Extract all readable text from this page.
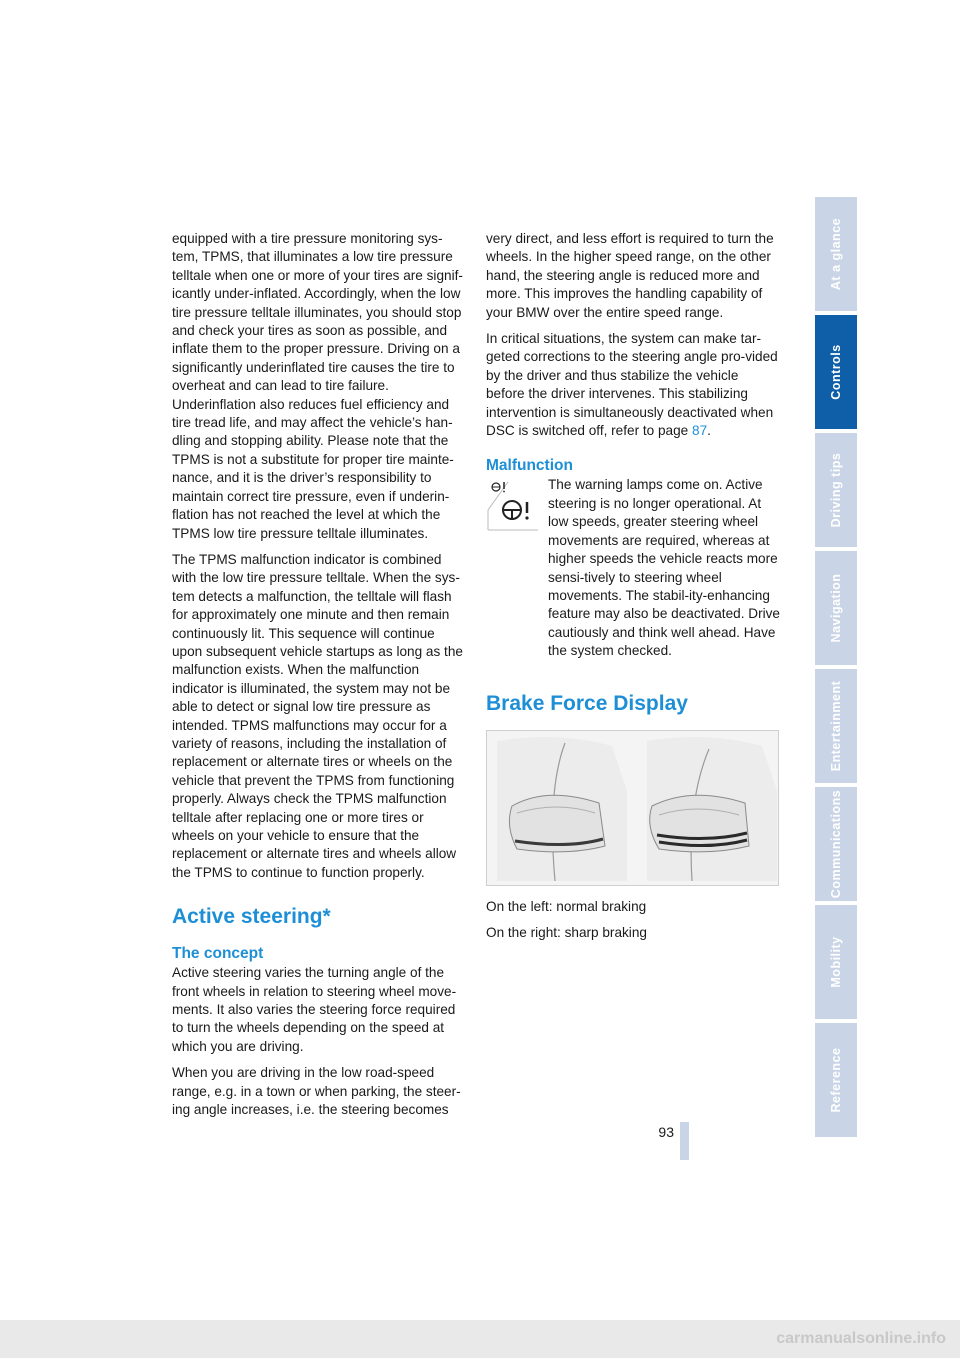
equipped with a tire pressure monitoring sys-tem, TPMS, that illuminates a low tire pressure telltale when one or more of your tires are signif-icantly under-inflated. Accordingly, when the low tire pressure telltale illuminates, you should stop and check your tires as soon as possible, and inflate them to the proper pressure. Driving on a significantly underinflated tire causes the tire to overheat and can lead to tire failure. Underinflation also reduces fuel efficiency and tire tread life, and may affect the vehicle’s han-dling and stopping ability. Please note that the TPMS is not a substitute for proper tire mainte-nance, and it is the driver’s responsibility to maintain correct tire pressure, even if underin-flation has not reached the level at which the TPMS low tire pressure telltale illuminates.

The TPMS malfunction indicator is combined with the low tire pressure telltale. When the sys-tem detects a malfunction, the telltale will flash for approximately one minute and then remain continuously lit. This sequence will continue upon subsequent vehicle startups as long as the malfunction exists. When the malfunction indicator is illuminated, the system may not be able to detect or signal low tire pressure as intended. TPMS malfunctions may occur for a variety of reasons, including the installation of replacement or alternate tires or wheels on the vehicle that prevent the TPMS from functioning properly. Always check the TPMS malfunction telltale after replacing one or more tires or wheels on your vehicle to ensure that the replacement or alternate tires and wheels allow the TPMS to continue to function properly.

Active steering*
The concept

Active steering varies the turning angle of the front wheels in relation to steering wheel move-ments. It also varies the steering force required to turn the wheels depending on the speed at which you are driving.

When you are driving in the low road-speed range, e.g. in a town or when parking, the steer-ing angle increases, i.e. the steering becomes

very direct, and less effort is required to turn the wheels. In the higher speed range, on the other hand, the steering angle is reduced more and more. This improves the handling capability of your BMW over the entire speed range.

In critical situations, the system can make tar-geted corrections to the steering angle pro-vided by the driver and thus stabilize the vehicle before the driver intervenes. This stabilizing intervention is simultaneously deactivated when DSC is switched off, refer to page 87.

Malfunction

The warning lamps come on. Active steering is no longer operational. At low speeds, greater steering wheel movements are required, whereas at higher speeds the vehicle reacts more sensi-tively to steering wheel movements. The stabil-ity-enhancing feature may also be deactivated. Drive cautiously and think well ahead. Have the system checked.

Brake Force Display

On the left: normal braking

On the right: sharp braking

At a glance
Controls
Driving tips
Navigation
Entertainment
Communications
Mobility
Reference
93
carmanualsonline.info
